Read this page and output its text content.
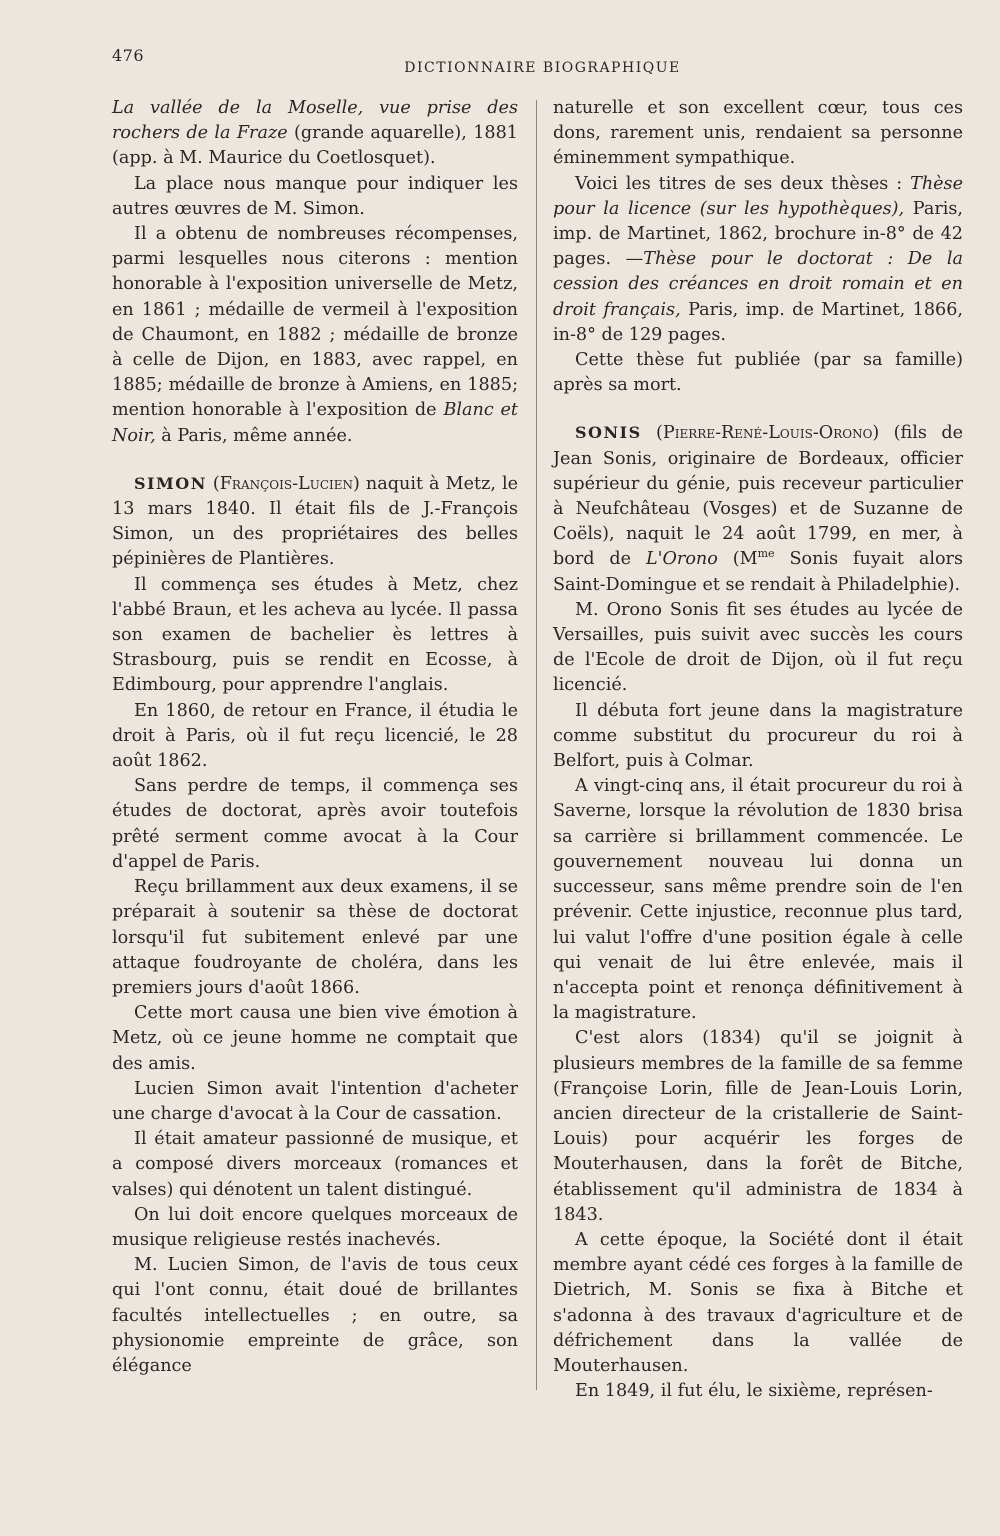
476
DICTIONNAIRE BIOGRAPHIQUE

La vallée de la Moselle, vue prise des rochers de la Fraze (grande aquarelle), 1881 (app. à M. Maurice du Coetlosquet).

La place nous manque pour indiquer les autres œuvres de M. Simon.

Il a obtenu de nombreuses récompenses, parmi lesquelles nous citerons : mention honorable à l'exposition universelle de Metz, en 1861 ; médaille de vermeil à l'exposition de Chaumont, en 1882 ; médaille de bronze à celle de Dijon, en 1883, avec rappel, en 1885; médaille de bronze à Amiens, en 1885; mention honorable à l'exposition de Blanc et Noir, à Paris, même année.

SIMON (François-Lucien) naquit à Metz, le 13 mars 1840. Il était fils de J.-François Simon, un des propriétaires des belles pépinières de Plantières.

Il commença ses études à Metz, chez l'abbé Braun, et les acheva au lycée. Il passa son examen de bachelier ès lettres à Strasbourg, puis se rendit en Ecosse, à Edimbourg, pour apprendre l'anglais.

En 1860, de retour en France, il étudia le droit à Paris, où il fut reçu licencié, le 28 août 1862.

Sans perdre de temps, il commença ses études de doctorat, après avoir toutefois prêté serment comme avocat à la Cour d'appel de Paris.

Reçu brillamment aux deux examens, il se préparait à soutenir sa thèse de doctorat lorsqu'il fut subitement enlevé par une attaque foudroyante de choléra, dans les premiers jours d'août 1866.

Cette mort causa une bien vive émotion à Metz, où ce jeune homme ne comptait que des amis.

Lucien Simon avait l'intention d'acheter une charge d'avocat à la Cour de cassation.

Il était amateur passionné de musique, et a composé divers morceaux (romances et valses) qui dénotent un talent distingué.

On lui doit encore quelques morceaux de musique religieuse restés inachevés.

M. Lucien Simon, de l'avis de tous ceux qui l'ont connu, était doué de brillantes facultés intellectuelles ; en outre, sa physionomie empreinte de grâce, son élégance

naturelle et son excellent cœur, tous ces dons, rarement unis, rendaient sa personne éminemment sympathique.

Voici les titres de ses deux thèses : Thèse pour la licence (sur les hypothèques), Paris, imp. de Martinet, 1862, brochure in-8° de 42 pages. —Thèse pour le doctorat : De la cession des créances en droit romain et en droit français, Paris, imp. de Martinet, 1866, in-8° de 129 pages.

Cette thèse fut publiée (par sa famille) après sa mort.

SONIS (Pierre-René-Louis-Orono) (fils de Jean Sonis, originaire de Bordeaux, officier supérieur du génie, puis receveur particulier à Neufchâteau (Vosges) et de Suzanne de Coëls), naquit le 24 août 1799, en mer, à bord de L'Orono ($M^{me}$ Sonis fuyait alors Saint-Domingue et se rendait à Philadelphie).

M. Orono Sonis fit ses études au lycée de Versailles, puis suivit avec succès les cours de l'Ecole de droit de Dijon, où il fut reçu licencié.

Il débuta fort jeune dans la magistrature comme substitut du procureur du roi à Belfort, puis à Colmar.

A vingt-cinq ans, il était procureur du roi à Saverne, lorsque la révolution de 1830 brisa sa carrière si brillamment commencée. Le gouvernement nouveau lui donna un successeur, sans même prendre soin de l'en prévenir. Cette injustice, reconnue plus tard, lui valut l'offre d'une position égale à celle qui venait de lui être enlevée, mais il n'accepta point et renonça définitivement à la magistrature.

C'est alors (1834) qu'il se joignit à plusieurs membres de la famille de sa femme (Françoise Lorin, fille de Jean-Louis Lorin, ancien directeur de la cristallerie de Saint-Louis) pour acquérir les forges de Mouterhausen, dans la forêt de Bitche, établissement qu'il administra de 1834 à 1843.

A cette époque, la Société dont il était membre ayant cédé ces forges à la famille de Dietrich, M. Sonis se fixa à Bitche et s'adonna à des travaux d'agriculture et de défrichement dans la vallée de Mouterhausen.

En 1849, il fut élu, le sixième, représen-
